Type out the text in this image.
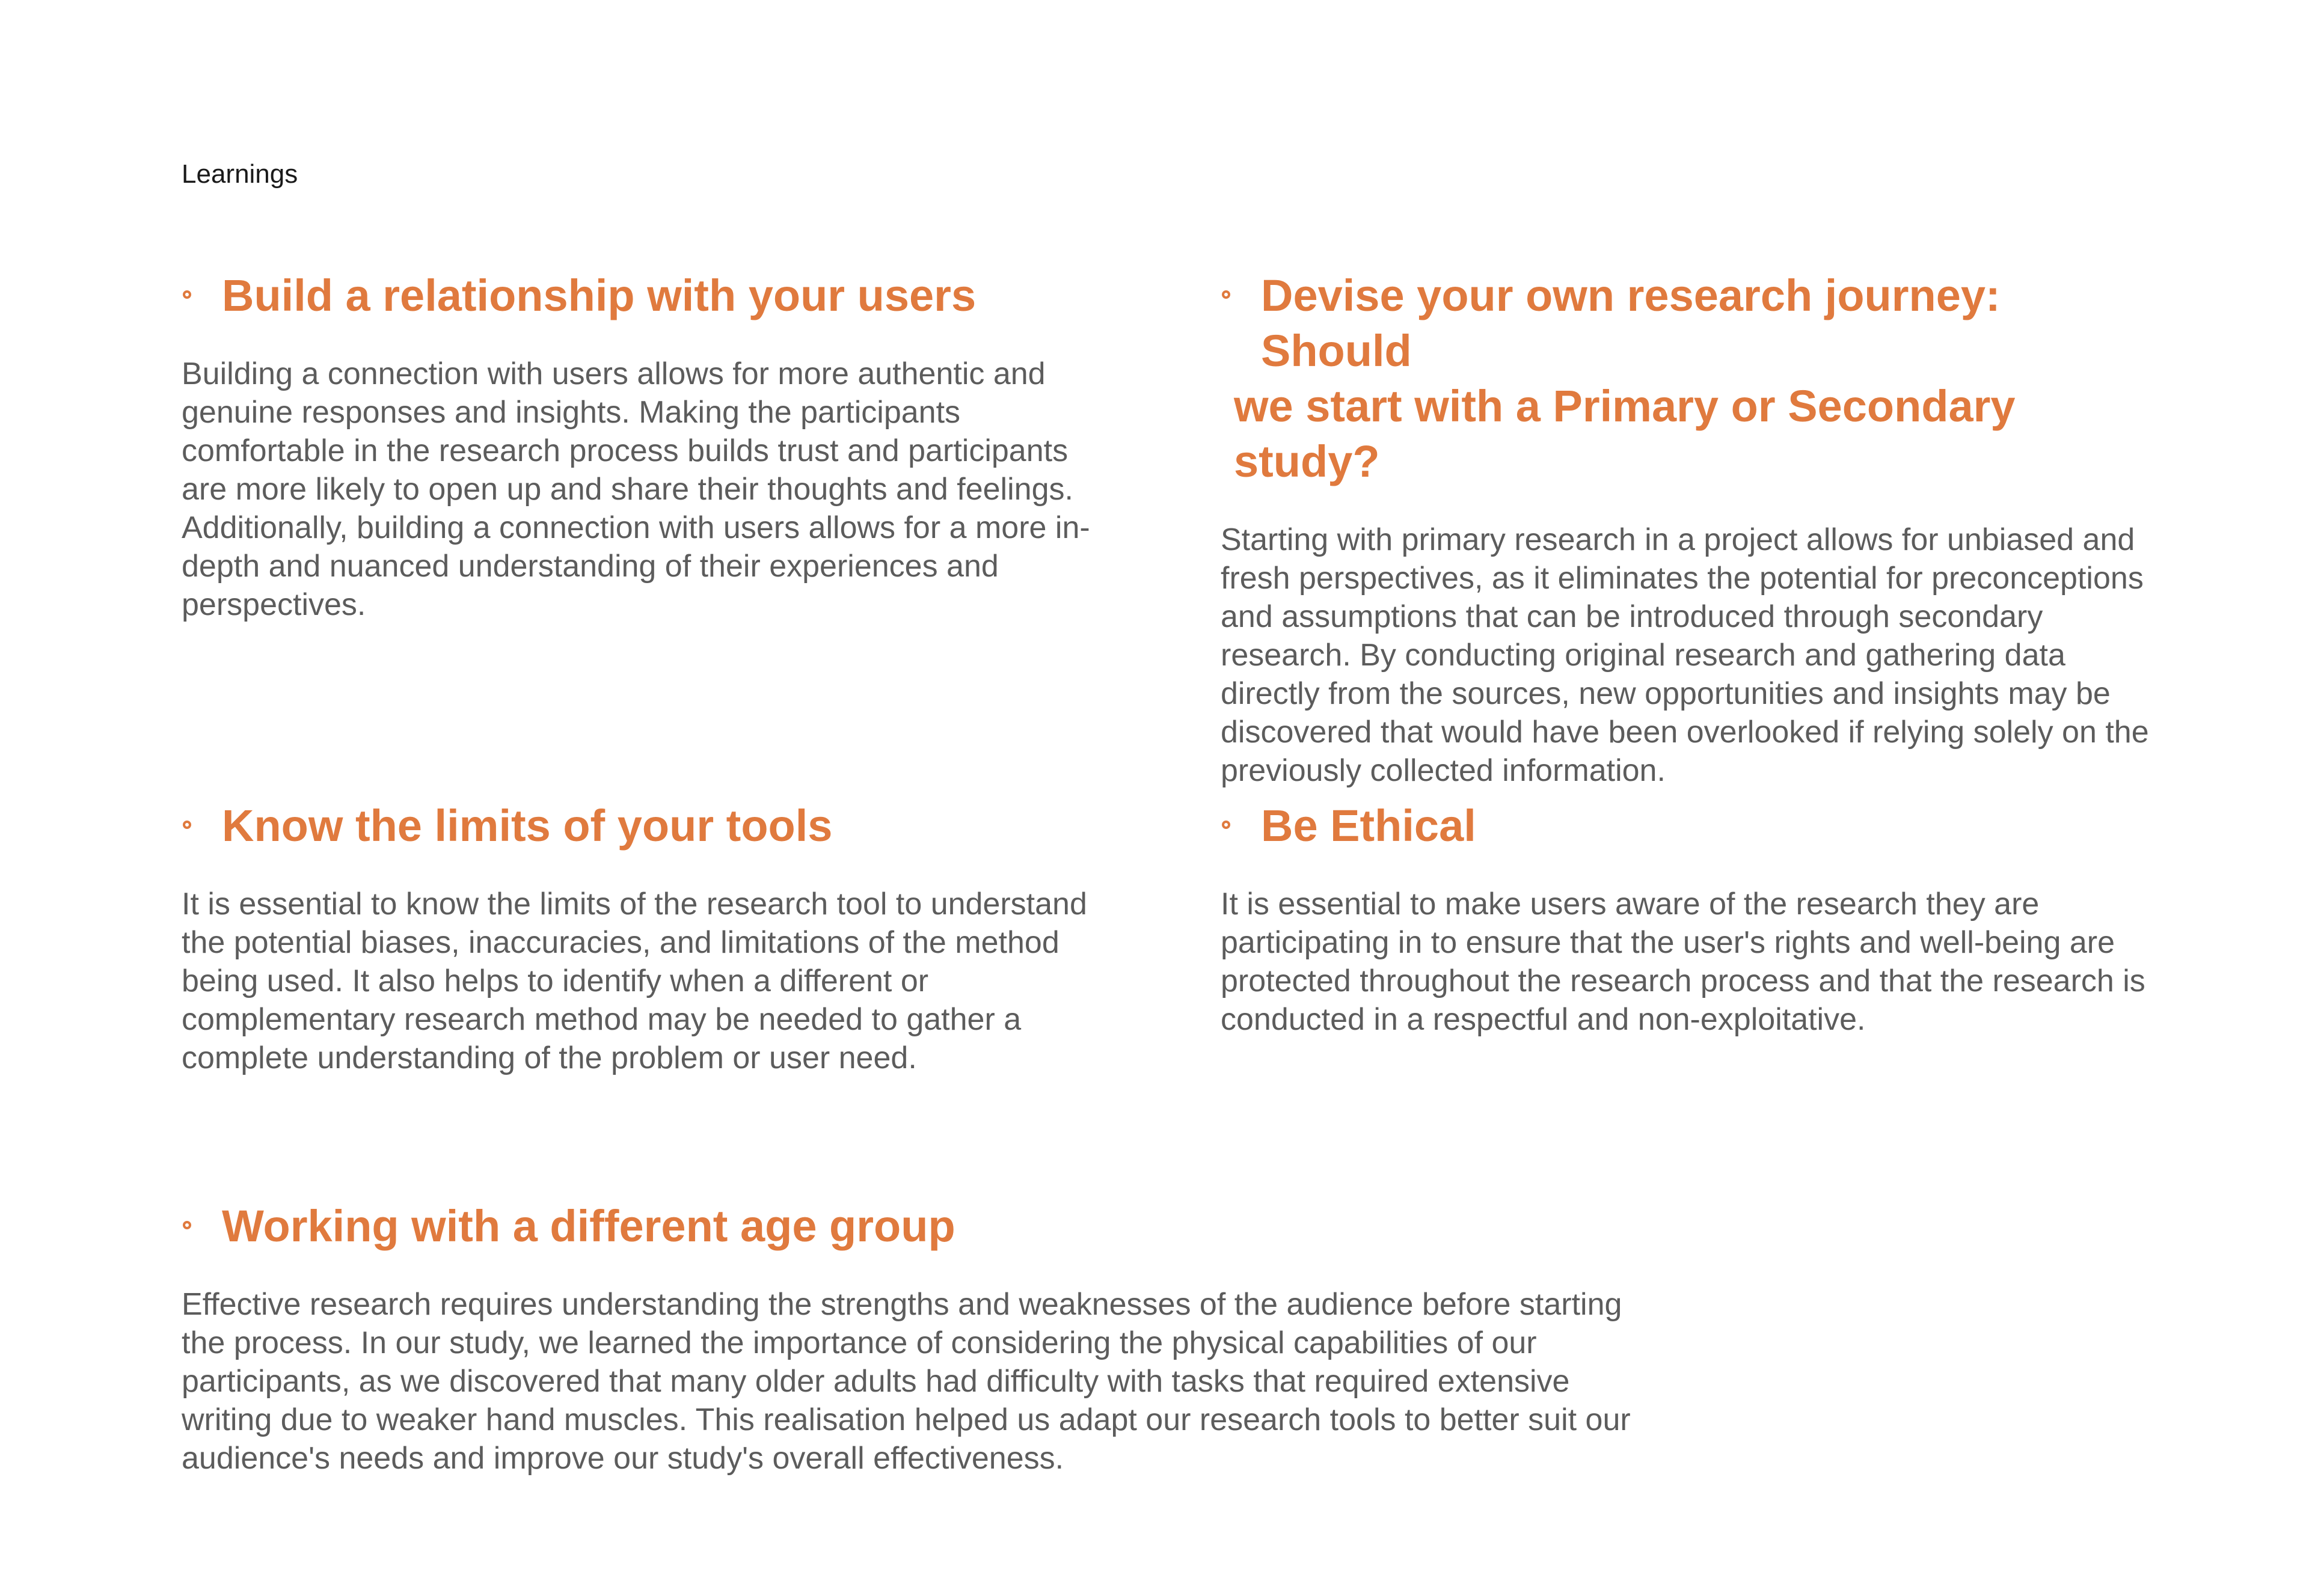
Learnings
Build a relationship with your users

Building a connection with users allows for more authentic and genuine responses and insights. Making the participants comfortable in the research process builds trust and participants are more likely to open up and share their thoughts and feelings. Additionally, building a connection with users allows for a more in-depth and nuanced understanding of their experiences and perspectives.

Devise your own research journey: Should
we start with a Primary or Secondary study?

Starting with primary research in a project allows for unbiased and fresh perspectives, as it eliminates the potential for preconceptions and assumptions that can be introduced through secondary research. By conducting original research and gathering data directly from the sources, new opportunities and insights may be discovered that would have been overlooked if relying solely on the previously collected information.

Know the limits of your tools

It is essential to know the limits of the research tool to understand the potential biases, inaccuracies, and limitations of the method being used. It also helps to identify when a different or complementary research method may be needed to gather a complete understanding of the problem or user need.

Be Ethical

It is essential to make users aware of the research they are participating in to ensure that the user's rights and well-being are protected throughout the research process and that the research is conducted in a respectful and non-exploitative.

Working with a different age group

Effective research requires understanding the strengths and weaknesses of the audience before starting the process. In our study, we learned the importance of considering the physical capabilities of our participants, as we discovered that many older adults had difficulty with tasks that required extensive writing due to weaker hand muscles. This realisation helped us adapt our research tools to better suit our audience's needs and improve our study's overall effectiveness.
